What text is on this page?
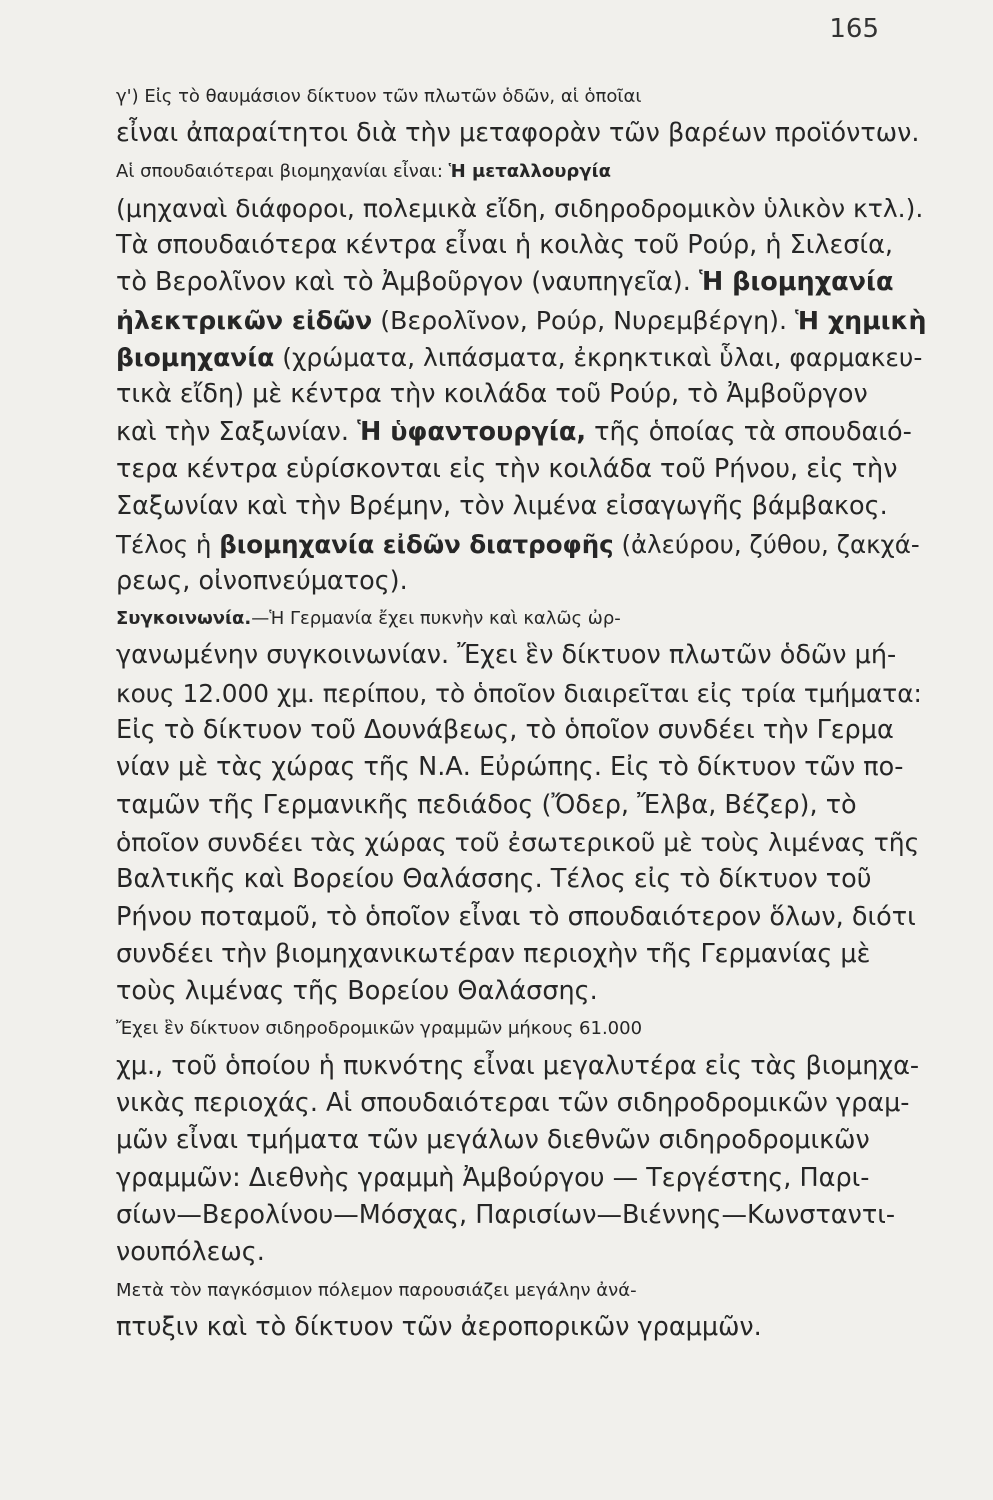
165

γ') Εἰς τὸ θαυμάσιον δίκτυον τῶν πλωτῶν ὁδῶν, αἱ ὁποῖαι
εἶναι ἀπαραίτητοι διὰ τὴν μεταφορὰν τῶν βαρέων προϊόντων.

Αἱ σπουδαιότεραι βιομηχανίαι εἶναι: Ἡ μεταλλουργία
(μηχαναὶ διάφοροι, πολεμικὰ εἴδη, σιδηροδρομικὸν ὑλικὸν κτλ.).
Τὰ σπουδαιότερα κέντρα εἶναι ἡ κοιλὰς τοῦ Ρούρ, ἡ Σιλεσία,
τὸ Βερολῖνον καὶ τὸ Ἀμβοῦργον (ναυπηγεῖα). Ἡ βιομηχανία
ἠλεκτρικῶν εἰδῶν (Βερολῖνον, Ρούρ, Νυρεμβέργη). Ἡ χημικὴ
βιομηχανία (χρώματα, λιπάσματα, ἐκρηκτικαὶ ὗλαι, φαρμακευ-
τικὰ εἴδη) μὲ κέντρα τὴν κοιλάδα τοῦ Ρούρ, τὸ Ἀμβοῦργον
καὶ τὴν Σαξωνίαν. Ἡ ὑφαντουργία, τῆς ὁποίας τὰ σπουδαιό-
τερα κέντρα εὑρίσκονται εἰς τὴν κοιλάδα τοῦ Ρήνου, εἰς τὴν
Σαξωνίαν καὶ τὴν Βρέμην, τὸν λιμένα εἰσαγωγῆς βάμβακος.
Τέλος ἡ βιομηχανία εἰδῶν διατροφῆς (ἀλεύρου, ζύθου, ζακχά-
ρεως, οἰνοπνεύματος).

Συγκοινωνία.—Ἡ Γερμανία ἔχει πυκνὴν καὶ καλῶς ὠρ-
γανωμένην συγκοινωνίαν. Ἔχει ἓν δίκτυον πλωτῶν ὁδῶν μή-
κους 12.000 χμ. περίπου, τὸ ὁποῖον διαιρεῖται εἰς τρία τμήματα:
Εἰς τὸ δίκτυον τοῦ Δουνάβεως, τὸ ὁποῖον συνδέει τὴν Γερμα
νίαν μὲ τὰς χώρας τῆς Ν.Α. Εὐρώπης. Εἰς τὸ δίκτυον τῶν πο-
ταμῶν τῆς Γερμανικῆς πεδιάδος (Ὄδερ, Ἔλβα, Βέζερ), τὸ
ὁποῖον συνδέει τὰς χώρας τοῦ ἐσωτερικοῦ μὲ τοὺς λιμένας τῆς
Βαλτικῆς καὶ Βορείου Θαλάσσης. Τέλος εἰς τὸ δίκτυον τοῦ
Ρήνου ποταμοῦ, τὸ ὁποῖον εἶναι τὸ σπουδαιότερον ὅλων, διότι
συνδέει τὴν βιομηχανικωτέραν περιοχὴν τῆς Γερμανίας μὲ
τοὺς λιμένας τῆς Βορείου Θαλάσσης.

Ἔχει ἓν δίκτυον σιδηροδρομικῶν γραμμῶν μήκους 61.000
χμ., τοῦ ὁποίου ἡ πυκνότης εἶναι μεγαλυτέρα εἰς τὰς βιομηχα-
νικὰς περιοχάς. Αἱ σπουδαιότεραι τῶν σιδηροδρομικῶν γραμ-
μῶν εἶναι τμήματα τῶν μεγάλων διεθνῶν σιδηροδρομικῶν
γραμμῶν: Διεθνὴς γραμμὴ Ἀμβούργου — Τεργέστης, Παρι-
σίων—Βερολίνου—Μόσχας, Παρισίων—Βιέννης—Κωνσταντι-
νουπόλεως.

Μετὰ τὸν παγκόσμιον πόλεμον παρουσιάζει μεγάλην ἀνά-
πτυξιν καὶ τὸ δίκτυον τῶν ἀεροπορικῶν γραμμῶν.
